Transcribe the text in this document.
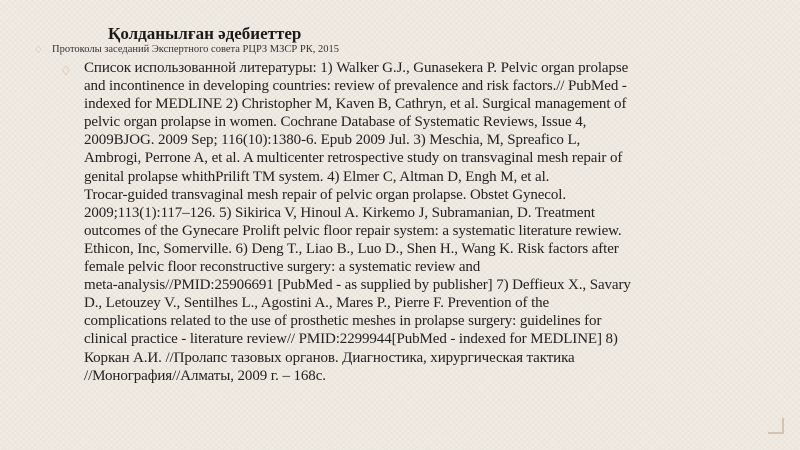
Қолданылған әдебиеттер
♢ Протоколы заседаний Экспертного совета РЦРЗ МЗСР РК, 2015
♢ Список использованной литературы: 1) Walker G.J., Gunasekera P. Pelvic organ prolapse
and incontinence in developing countries: review of prevalence and risk factors.// PubMed -
indexed for MEDLINE 2) Christopher M, Kaven B, Cathryn, et al. Surgical management of
pelvic organ prolapse in women. Cochrane Database of Systematic Reviews, Issue 4,
2009BJOG. 2009 Sep; 116(10):1380-6. Epub 2009 Jul. 3) Meschia, M, Spreafico L,
Ambrogi, Perrone A, et al. A multicenter retrospective study on transvaginal mesh repair of
genital prolapse whithPrilift TM system. 4) Elmer C, Altman D, Engh M, et al.
Trocar-guided transvaginal mesh repair of pelvic organ prolapse. Obstet Gynecol.
2009;113(1):117–126. 5) Sikirica V, Hinoul A. Kirkemo J, Subramanian, D. Treatment
outcomes of the Gynecare Prolift pelvic floor repair system: a systematic literature rewiew.
Ethicon, Inc, Somerville. 6) Deng T., Liao B., Luo D., Shen H., Wang K. Risk factors after
female pelvic floor reconstructive surgery: a systematic review and
meta-analysis//PMID:25906691 [PubMed - as supplied by publisher] 7) Deffieux X., Savary
D., Letouzey V., Sentilhes L., Agostini A., Mares P., Pierre F. Prevention of the
complications related to the use of prosthetic meshes in prolapse surgery: guidelines for
clinical practice - literature review// PMID:2299944[PubMed - indexed for MEDLINE] 8)
Коркан А.И. //Пролапс тазовых органов. Диагностика, хирургическая тактика
//Монография//Алматы, 2009 г. – 168с.
